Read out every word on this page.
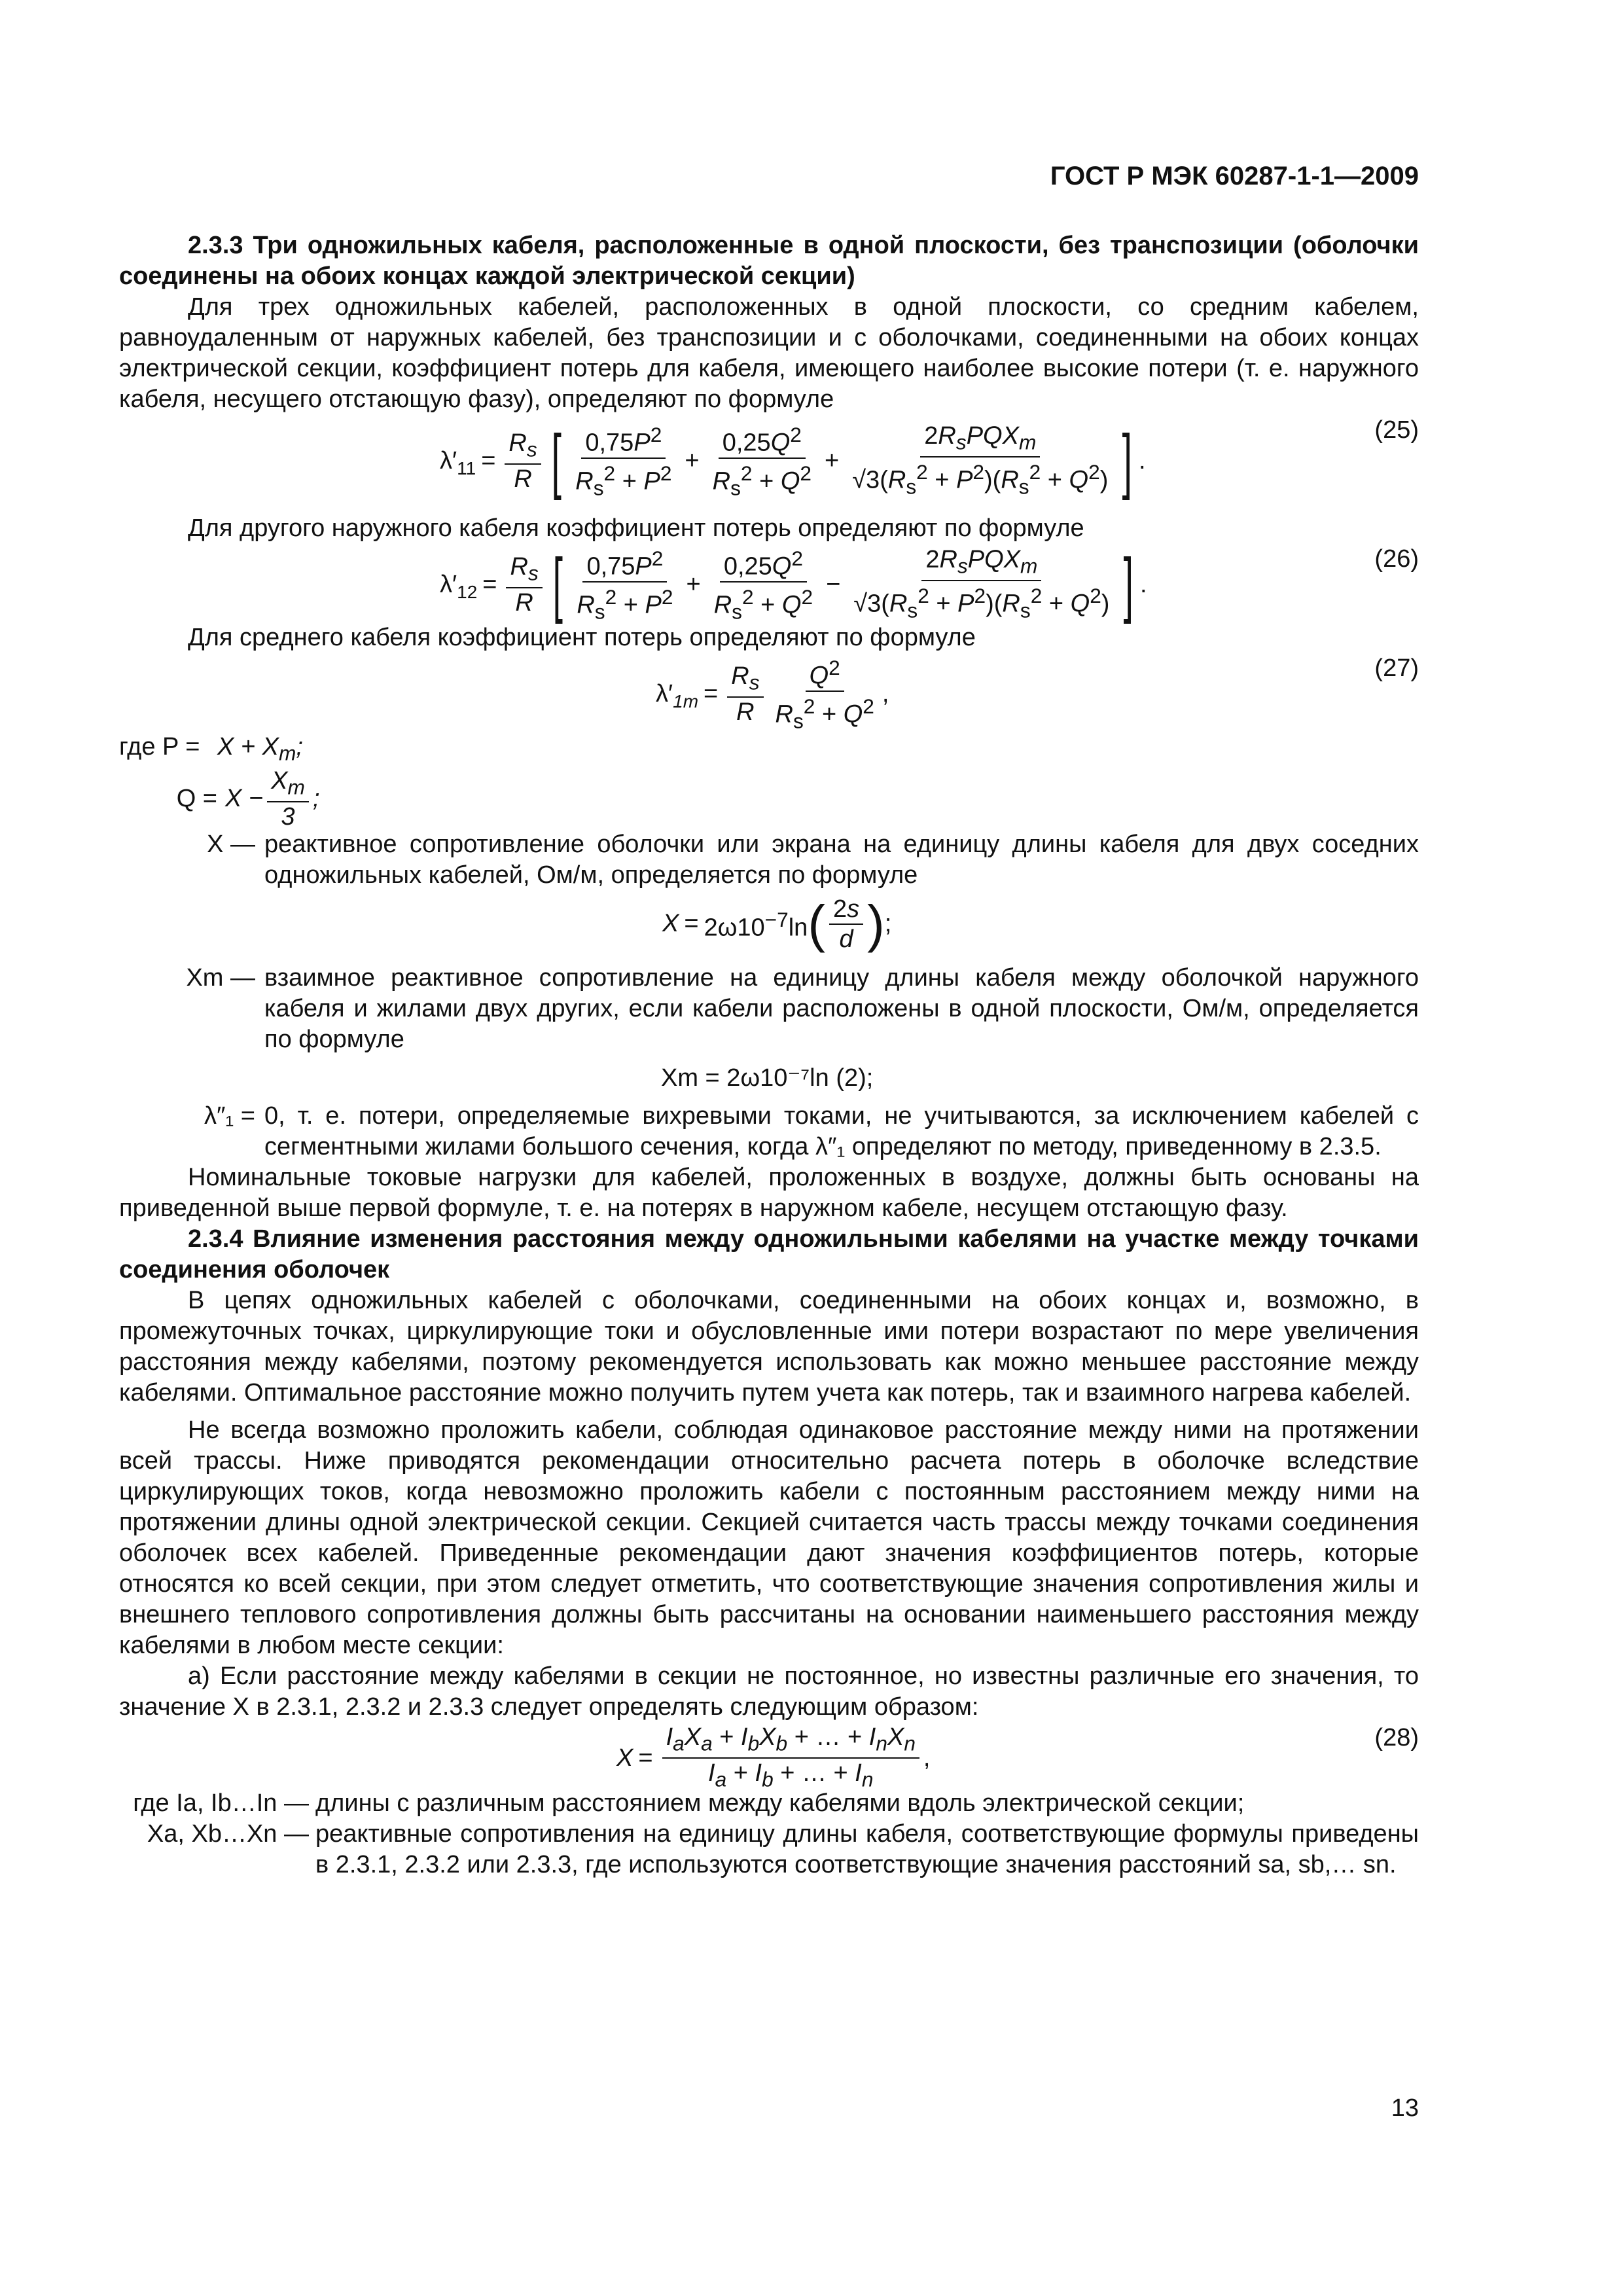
ГОСТ Р МЭК 60287-1-1—2009

2.3.3 Три одножильных кабеля, расположенные в одной плоскости, без транспозиции (оболочки соединены на обоих концах каждой электрической секции)

Для трех одножильных кабелей, расположенных в одной плоскости, со средним кабелем, равноудаленным от наружных кабелей, без транспозиции и с оболочками, соединенными на обоих концах электрической секции, коэффициент потерь для кабеля, имеющего наиболее высокие потери (т. е. наружного кабеля, несущего отстающую фазу), определяют по формуле

λ′ $11 = \frac{R_s}{R}$ [ $\frac{0,75P^2}{R_s^2 + P^2} + \frac{0,25Q^2}{R_s^2 + Q^2} + \frac{2R_sPQX_m}{√3(R_s^2 + P^2)(R_s^2 + Q^2)}$ ] .
(25)

Для другого наружного кабеля коэффициент потерь определяют по формуле

λ′ $12 = \frac{R_s}{R}$ [ $\frac{0,75P^2}{R_s^2 + P^2} + \frac{0,25Q^2}{R_s^2 + Q^2} - \frac{2R_sPQX_m}{√3(R_s^2 + P^2)(R_s^2 + Q^2)}$ ] .
(26)

Для среднего кабеля коэффициент потерь определяют по формуле

λ′ $1m = \frac{R_s}{R} \frac{Q^2}{R_s^2 + Q^2}$ ,
(27)
где $P = X + X_m$;
$Q = X - \frac{X_m}{3}$ ;
X — реактивное сопротивление оболочки или экрана на единицу длины кабеля для двух соседних одножильных кабелей, Ом/м, определяется по формуле
$X = 2\omega 10^{-7}\ln$ ( $\frac{2s}{d}$ ) ;
Xm — взаимное реактивное сопротивление на единицу длины кабеля между оболочкой наружного кабеля и жилами двух других, если кабели расположены в одной плоскости, Ом/м, определяется по формуле
Xm = 2ω10⁻⁷ln (2);
λ″₁ = 0, т. е. потери, определяемые вихревыми токами, не учитываются, за исключением кабелей с сегментными жилами большого сечения, когда λ″₁ определяют по методу, приведенному в 2.3.5.

Номинальные токовые нагрузки для кабелей, проложенных в воздухе, должны быть основаны на приведенной выше первой формуле, т. е. на потерях в наружном кабеле, несущем отстающую фазу.

2.3.4 Влияние изменения расстояния между одножильными кабелями на участке между точками соединения оболочек

В цепях одножильных кабелей с оболочками, соединенными на обоих концах и, возможно, в промежуточных точках, циркулирующие токи и обусловленные ими потери возрастают по мере увеличения расстояния между кабелями, поэтому рекомендуется использовать как можно меньшее расстояние между кабелями. Оптимальное расстояние можно получить путем учета как потерь, так и взаимного нагрева кабелей.

Не всегда возможно проложить кабели, соблюдая одинаковое расстояние между ними на протяжении всей трассы. Ниже приводятся рекомендации относительно расчета потерь в оболочке вследствие циркулирующих токов, когда невозможно проложить кабели с постоянным расстоянием между ними на протяжении длины одной электрической секции. Секцией считается часть трассы между точками соединения оболочек всех кабелей. Приведенные рекомендации дают значения коэффициентов потерь, которые относятся ко всей секции, при этом следует отметить, что соответствующие значения сопротивления жилы и внешнего теплового сопротивления должны быть рассчитаны на основании наименьшего расстояния между кабелями в любом месте секции:

а) Если расстояние между кабелями в секции не постоянное, но известны различные его значения, то значение X в 2.3.1, 2.3.2 и 2.3.3 следует определять следующим образом:

$X = \frac{I_aX_a + I_bX_b + \dots + I_nX_n}{I_a + I_b + \dots + I_n}$ ,
(28)
где Ia, Ib…In — длины с различным расстоянием между кабелями вдоль электрической секции;
Xa, Xb…Xn — реактивные сопротивления на единицу длины кабеля, соответствующие формулы приведены в 2.3.1, 2.3.2 или 2.3.3, где используются соответствующие значения расстояний sa, sb,… sn.
13
